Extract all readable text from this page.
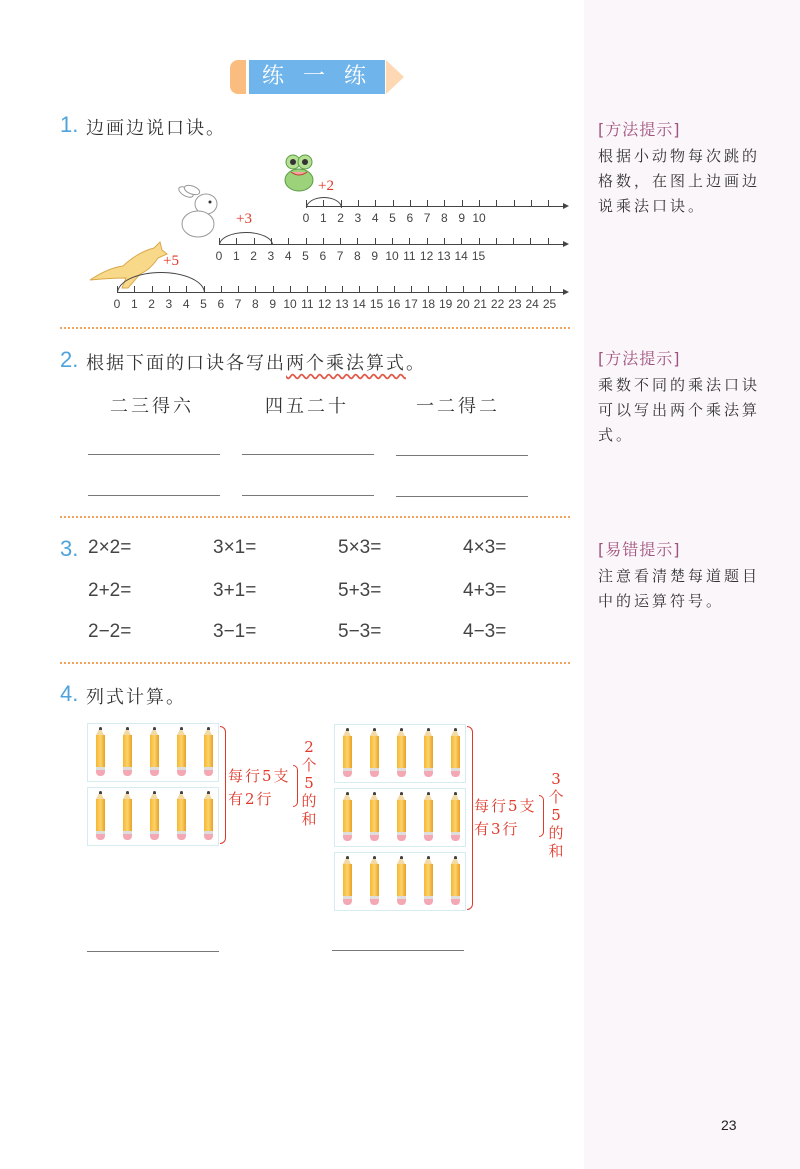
[方法提示]
根据小动物每次跳的格数，在图上边画边说乘法口诀。
[方法提示]
乘数不同的乘法口诀可以写出两个乘法算式。
[易错提示]
注意看清楚每道题目中的运算符号。
练 一 练
1. 边画边说口诀。
+2
0 1 2 3 4 5 6 7 8 9 10
+3
0 1 2 3 4 5 6 7 8 9 10 11 12 13 14 15
+5
0 1 2 3 4 5 6 7 8 9 10 11 12 13 14 15 16 17 18 19 20 21 22 23 24 25
2. 根据下面的口诀各写出两个乘法算式。
二三得六	四五二十	一二得二
3. 2×2=	3×1=	5×3=	4×3=
2+2=	3+1=	5+3=	4+3=
2−2=	3−1=	5−3=	4−3=
4. 列式计算。
每行5支
有2行
2
个
5
的
和
每行5支
有3行
3
个
5
的
和
23
